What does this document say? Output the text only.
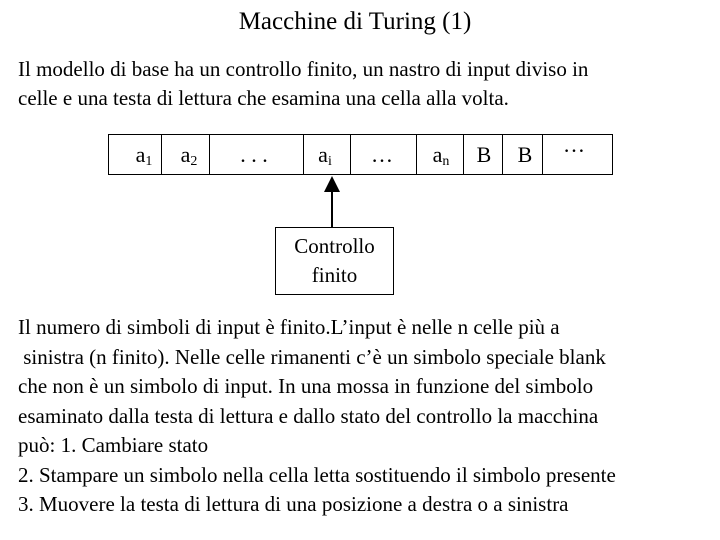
Macchine di Turing (1)
Il modello di base ha un controllo finito, un nastro di input diviso in
celle e una testa di lettura che esamina una cella alla volta.
$a_1$	$a_2$	. . .	$a_i$	…	$a_n$	B	B	…
Controllo
finito
Il numero di simboli di input è finito.L’input è nelle n celle più a
sinistra (n finito). Nelle celle rimanenti c’è un simbolo speciale blank
che non è un simbolo di input. In una mossa in funzione del simbolo
esaminato dalla testa di lettura e dallo stato del controllo la macchina
può: 1. Cambiare stato
2. Stampare un simbolo nella cella letta sostituendo il simbolo presente
3. Muovere la testa di lettura di una posizione a destra o a sinistra
